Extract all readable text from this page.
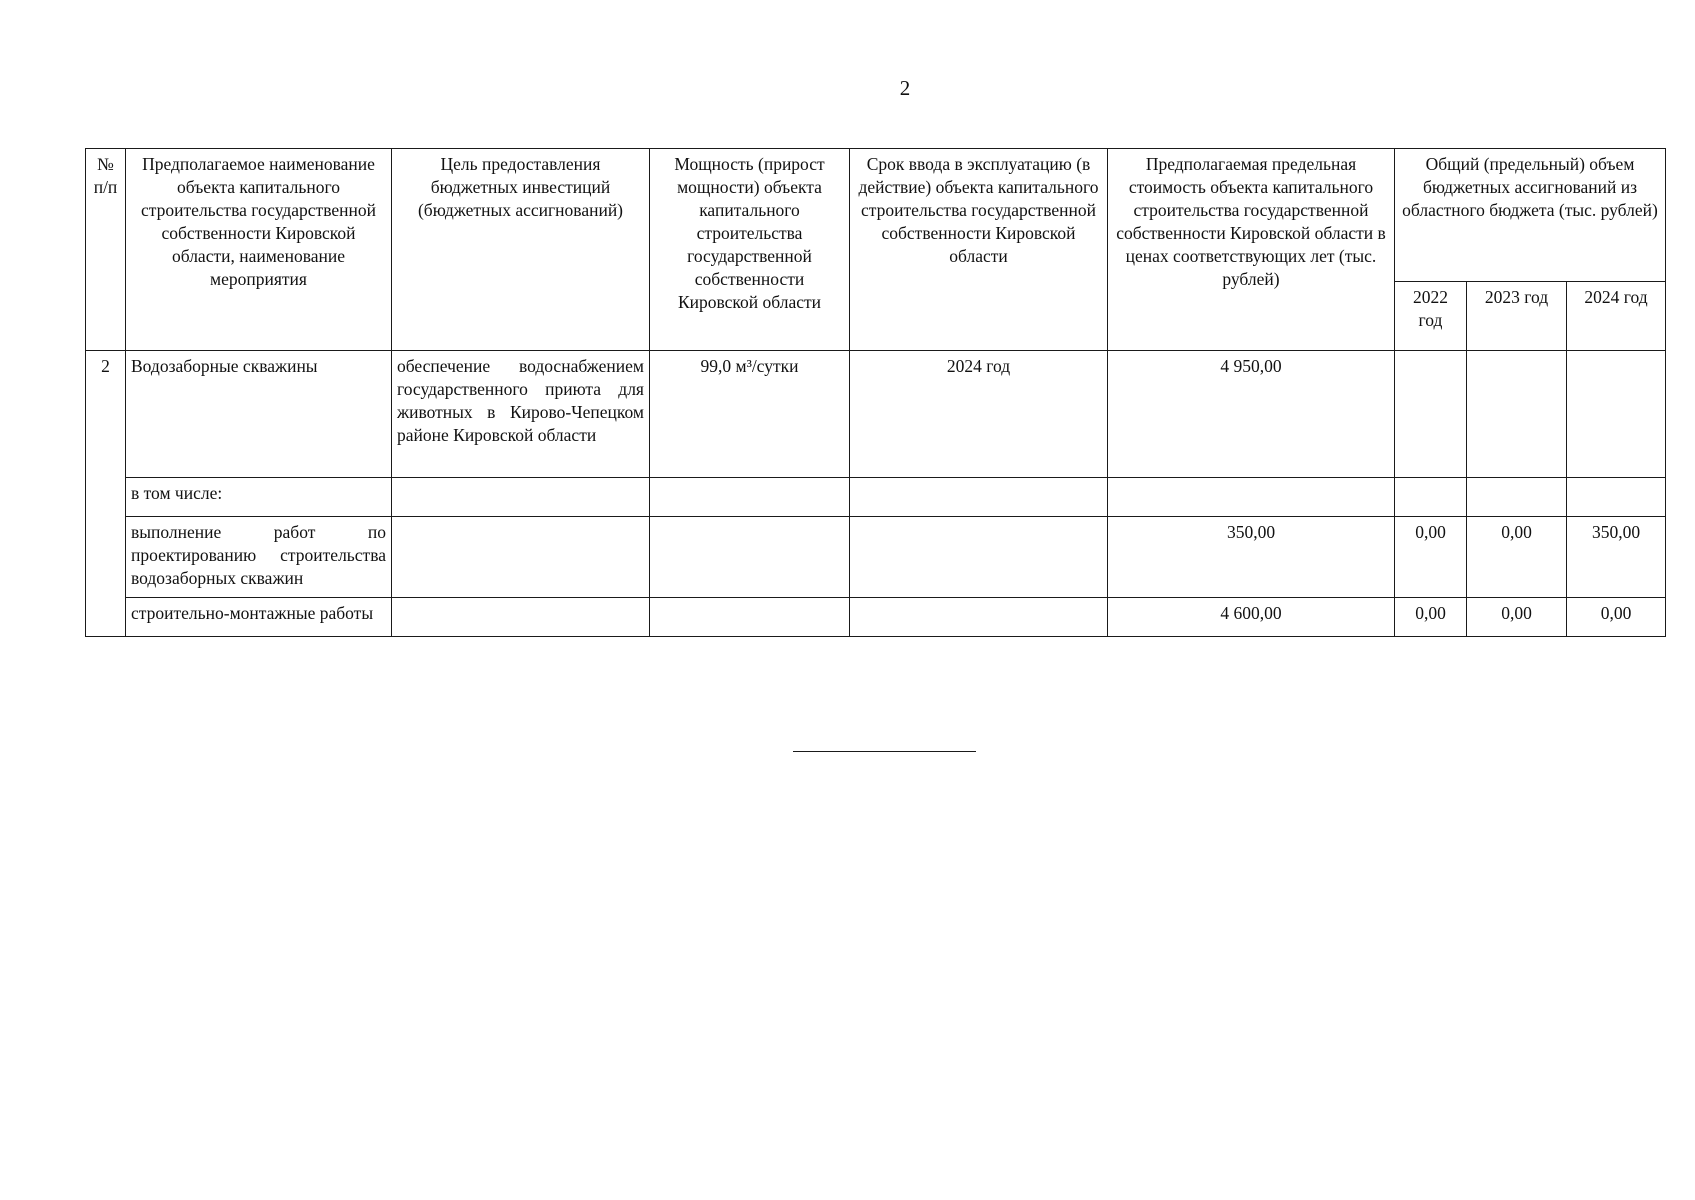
2
№ п/п	Предполагаемое наименование объекта капитального строительства государственной собственности Кировской области, наименование мероприятия	Цель предоставления бюджетных инвестиций (бюджетных ассигнований)	Мощность (прирост мощности) объекта капитального строительства государственной собственности Кировской области	Срок ввода в эксплуатацию (в действие) объекта капитального строительства государственной собственности Кировской области	Предполагаемая предельная стоимость объекта капитального строительства государственной собственности Кировской области в ценах соответствующих лет (тыс. рублей)	Общий (предельный) объем бюджетных ассигнований из областного бюджета (тыс. рублей)		
						2022 год	2023 год	2024 год
2	Водозаборные скважины	обеспечение водоснабжением государственного приюта для животных в Кирово-Чепецком районе Кировской области	99,0 м³/сутки	2024 год	4 950,00			
	в том числе:							
	выполнение работ по проектированию строительства водозаборных скважин				350,00	0,00	0,00	350,00
	строительно-монтажные работы				4 600,00	0,00	0,00	0,00
